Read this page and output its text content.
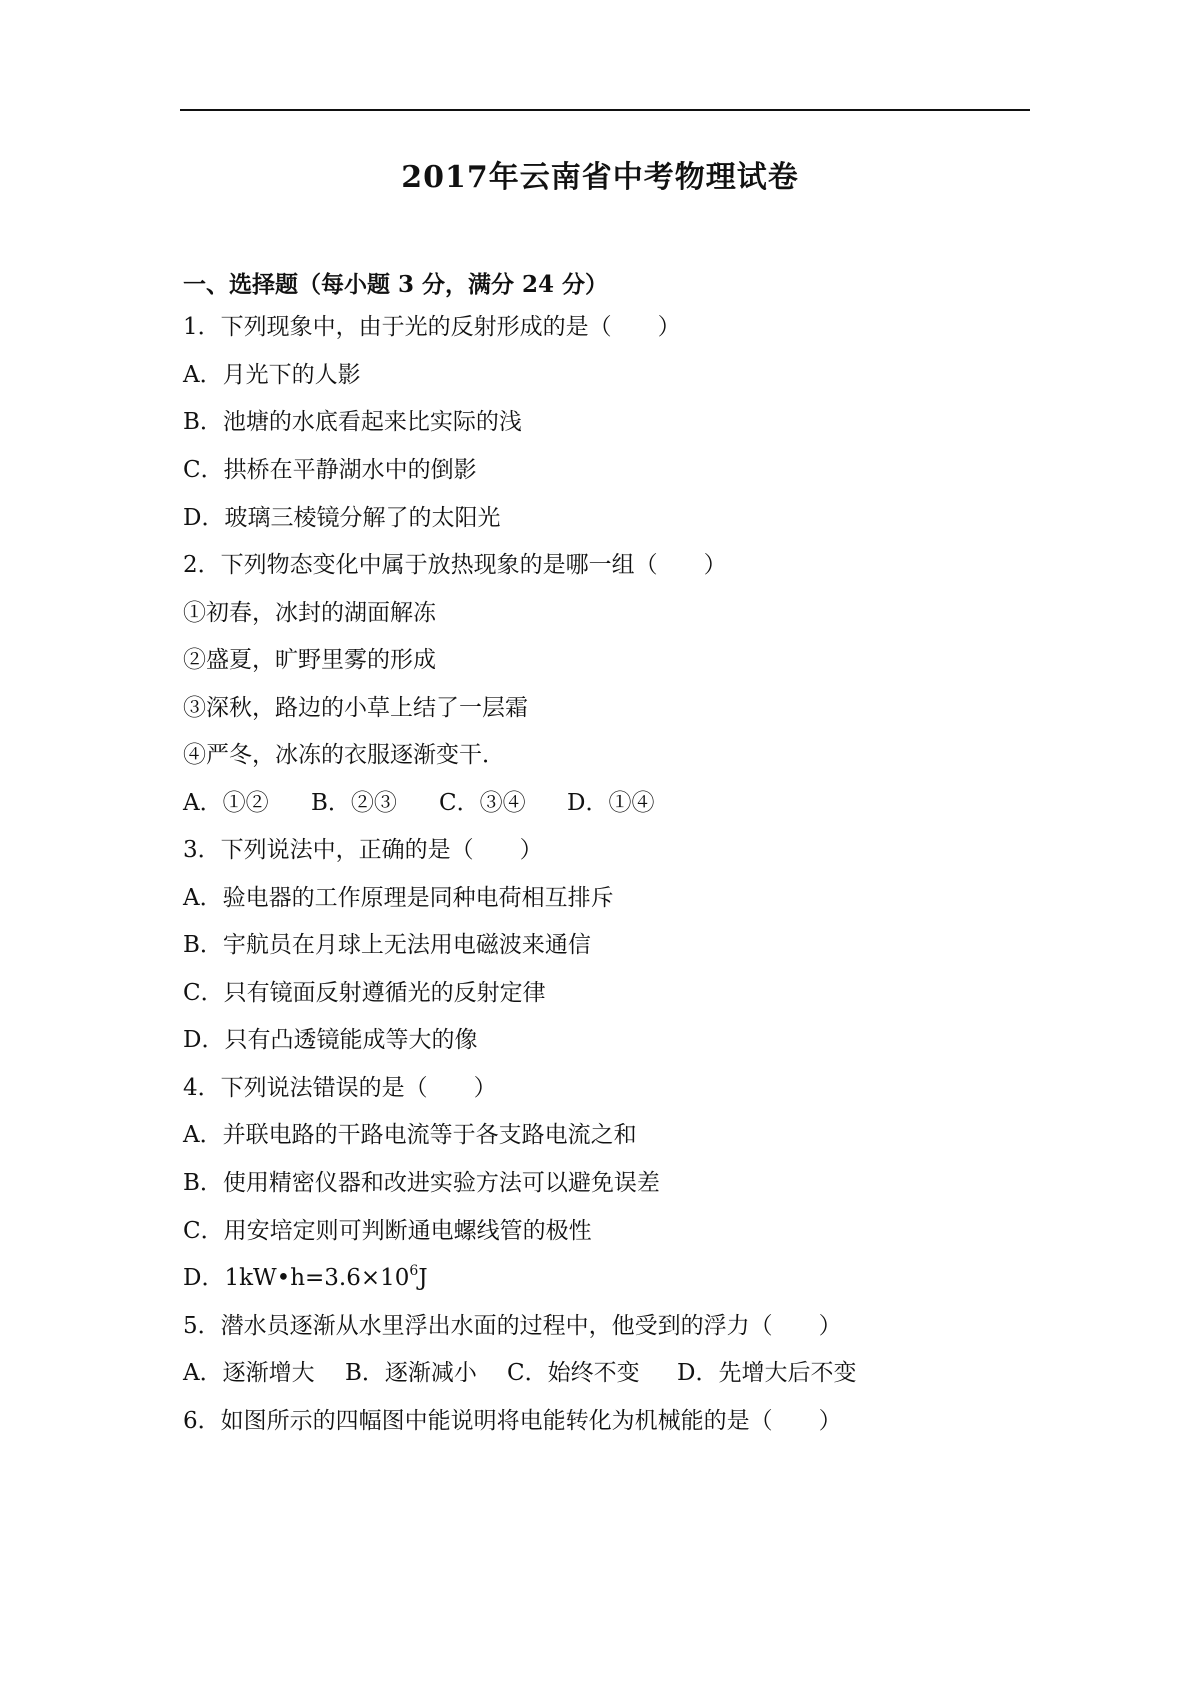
2017年云南省中考物理试卷
一、选择题（每小题 3 分，满分 24 分）
1．下列现象中，由于光的反射形成的是（　　）
A．月光下的人影
B．池塘的水底看起来比实际的浅
C．拱桥在平静湖水中的倒影
D．玻璃三棱镜分解了的太阳光
2．下列物态变化中属于放热现象的是哪一组（　　）
①初春，冰封的湖面解冻
②盛夏，旷野里雾的形成
③深秋，路边的小草上结了一层霜
④严冬，冰冻的衣服逐渐变干．
A．①② B．②③ C．③④ D．①④
3．下列说法中，正确的是（　　）
A．验电器的工作原理是同种电荷相互排斥
B．宇航员在月球上无法用电磁波来通信
C．只有镜面反射遵循光的反射定律
D．只有凸透镜能成等大的像
4．下列说法错误的是（　　）
A．并联电路的干路电流等于各支路电流之和
B．使用精密仪器和改进实验方法可以避免误差
C．用安培定则可判断通电螺线管的极性
D．$1kW•h=3.6\times 10^6J$
5．潜水员逐渐从水里浮出水面的过程中，他受到的浮力（　　）
A．逐渐增大 B．逐渐减小 C．始终不变 D．先增大后不变
6．如图所示的四幅图中能说明将电能转化为机械能的是（　　）
